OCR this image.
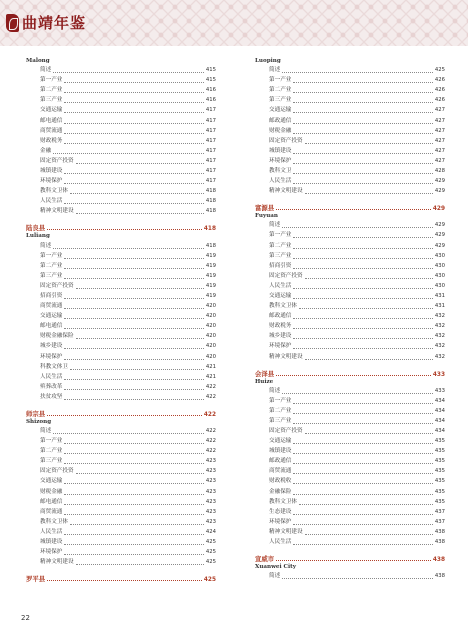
曲靖年鉴
Malong
简述	415
第一产业	415
第二产业	416
第三产业	416
交通运输	417
邮电通信	417
商贸流通	417
财政税务	417
金融	417
固定资产投资	417
城镇建设	417
环境保护	417
教科文卫体	418
人民生活	418
精神文明建设	418
陆良县	418
Luliang
简述	418
第一产业	419
第二产业	419
第三产业	419
固定资产投资	419
招商引资	419
商贸流通	420
交通运输	420
邮电通信	420
财税金融保险	420
城乡建设	420
环境保护	420
科教文体卫	421
人民生活	421
殡葬改革	422
扶贫攻坚	422
师宗县	422
Shizong
简述	422
第一产业	422
第二产业	422
第三产业	423
固定资产投资	423
交通运输	423
财税金融	423
邮电通信	423
商贸流通	423
教科文卫体	423
人民生活	424
城镇建设	425
环境保护	425
精神文明建设	425
罗平县	425
Luoping
简述	425
第一产业	426
第二产业	426
第三产业	426
交通运输	427
邮政通信	427
财税金融	427
固定资产投资	427
城镇建设	427
环境保护	427
教科文卫	428
人民生活	429
精神文明建设	429
富源县	429
Fuyuan
简述	429
第一产业	429
第二产业	429
第三产业	430
招商引资	430
固定资产投资	430
人民生活	430
交通运输	431
教科文卫体	431
邮政通信	432
财政税务	432
城乡建设	432
环境保护	432
精神文明建设	432
会泽县	433
Huize
简述	433
第一产业	434
第二产业	434
第三产业	434
固定资产投资	434
交通运输	435
城镇建设	435
邮政通信	435
商贸流通	435
财政税收	435
金融保险	435
教科文卫体	435
生态建设	437
环境保护	437
精神文明建设	438
人民生活	438
宣威市	438
Xuanwei City
简述	438
22
